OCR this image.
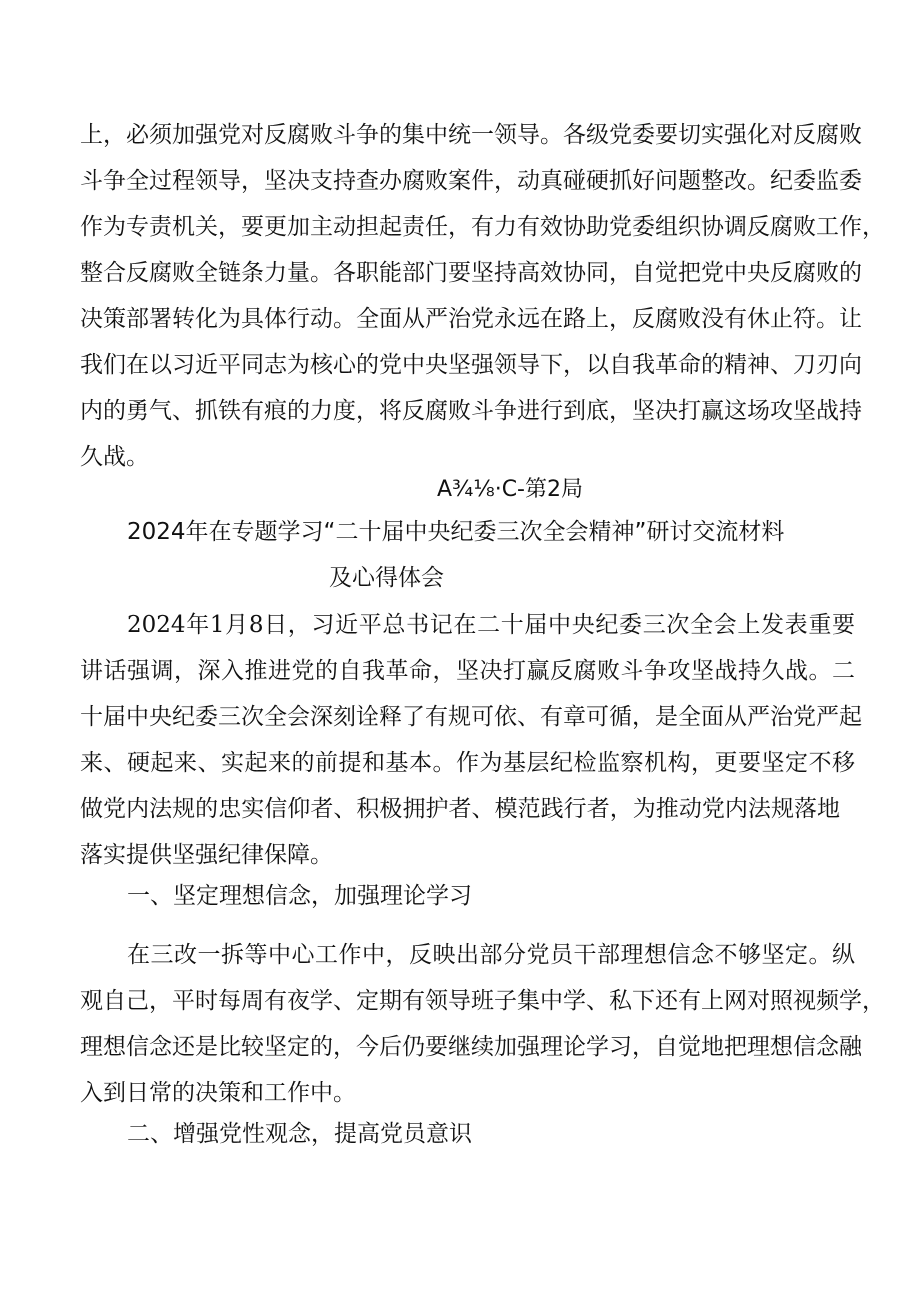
上，必须加强党对反腐败斗争的集中统一领导。各级党委要切实强化对反腐败
斗争全过程领导，坚决支持查办腐败案件，动真碰硬抓好问题整改。纪委监委
作为专责机关，要更加主动担起责任，有力有效协助党委组织协调反腐败工作，
整合反腐败全链条力量。各职能部门要坚持高效协同，自觉把党中央反腐败的
决策部署转化为具体行动。全面从严治党永远在路上，反腐败没有休止符。让
我们在以习近平同志为核心的党中央坚强领导下，以自我革命的精神、刀刃向
内的勇气、抓铁有痕的力度，将反腐败斗争进行到底，坚决打赢这场攻坚战持
久战。
A¾⅛·C-第2局
2024年在专题学习“二十届中央纪委三次全会精神”研讨交流材料
及心得体会
2024年1月8日，习近平总书记在二十届中央纪委三次全会上发表重要
讲话强调，深入推进党的自我革命，坚决打赢反腐败斗争攻坚战持久战。二
十届中央纪委三次全会深刻诠释了有规可依、有章可循，是全面从严治党严起
来、硬起来、实起来的前提和基本。作为基层纪检监察机构，更要坚定不移
做党内法规的忠实信仰者、积极拥护者、模范践行者，为推动党内法规落地
落实提供坚强纪律保障。
一、坚定理想信念，加强理论学习
在三改一拆等中心工作中，反映出部分党员干部理想信念不够坚定。纵
观自己，平时每周有夜学、定期有领导班子集中学、私下还有上网对照视频学，
理想信念还是比较坚定的，今后仍要继续加强理论学习，自觉地把理想信念融
入到日常的决策和工作中。
二、增强党性观念，提高党员意识
